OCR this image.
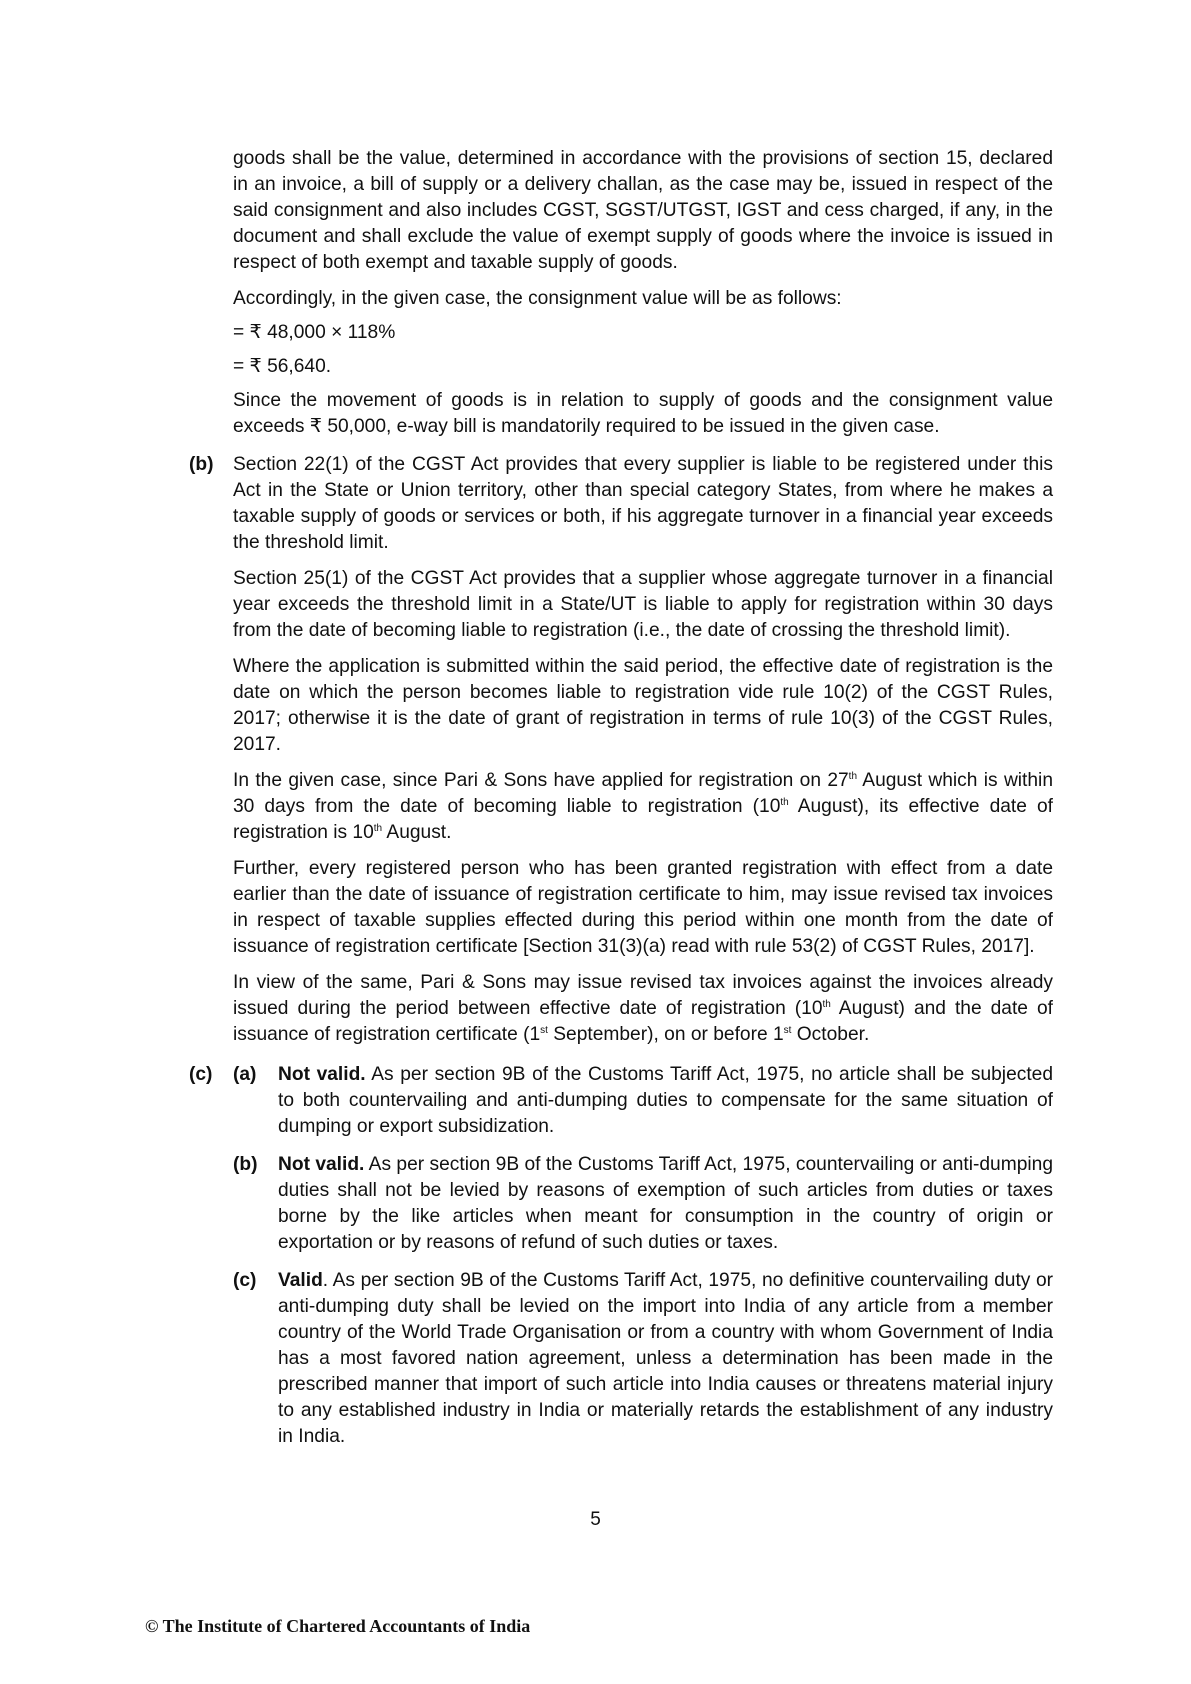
goods shall be the value, determined in accordance with the provisions of section 15, declared in an invoice, a bill of supply or a delivery challan, as the case may be, issued in respect of the said consignment and also includes CGST, SGST/UTGST, IGST and cess charged, if any, in the document and shall exclude the value of exempt supply of goods where the invoice is issued in respect of both exempt and taxable supply of goods.

Accordingly, in the given case, the consignment value will be as follows:

= ₹ 48,000 × 118%

= ₹ 56,640.

Since the movement of goods is in relation to supply of goods and the consignment value exceeds ₹ 50,000, e-way bill is mandatorily required to be issued in the given case.

(b)	Section 22(1) of the CGST Act provides that every supplier is liable to be registered under this Act in the State or Union territory, other than special category States, from where he makes a taxable supply of goods or services or both, if his aggregate turnover in a financial year exceeds the threshold limit.

Section 25(1) of the CGST Act provides that a supplier whose aggregate turnover in a financial year exceeds the threshold limit in a State/UT is liable to apply for registration within 30 days from the date of becoming liable to registration (i.e., the date of crossing the threshold limit).

Where the application is submitted within the said period, the effective date of registration is the date on which the person becomes liable to registration vide rule 10(2) of the CGST Rules, 2017; otherwise it is the date of grant of registration in terms of rule 10(3) of the CGST Rules, 2017.

In the given case, since Pari & Sons have applied for registration on 27th August which is within 30 days from the date of becoming liable to registration (10th August), its effective date of registration is 10th August.

Further, every registered person who has been granted registration with effect from a date earlier than the date of issuance of registration certificate to him, may issue revised tax invoices in respect of taxable supplies effected during this period within one month from the date of issuance of registration certificate [Section 31(3)(a) read with rule 53(2) of CGST Rules, 2017].

In view of the same, Pari & Sons may issue revised tax invoices against the invoices already issued during the period between effective date of registration (10th August) and the date of issuance of registration certificate (1st September), on or before 1st October.

(c)	(a) Not valid. As per section 9B of the Customs Tariff Act, 1975, no article shall be subjected to both countervailing and anti-dumping duties to compensate for the same situation of dumping or export subsidization.

(b) Not valid. As per section 9B of the Customs Tariff Act, 1975, countervailing or anti-dumping duties shall not be levied by reasons of exemption of such articles from duties or taxes borne by the like articles when meant for consumption in the country of origin or exportation or by reasons of refund of such duties or taxes.

(c) Valid. As per section 9B of the Customs Tariff Act, 1975, no definitive countervailing duty or anti-dumping duty shall be levied on the import into India of any article from a member country of the World Trade Organisation or from a country with whom Government of India has a most favored nation agreement, unless a determination has been made in the prescribed manner that import of such article into India causes or threatens material injury to any established industry in India or materially retards the establishment of any industry in India.

5
© The Institute of Chartered Accountants of India
